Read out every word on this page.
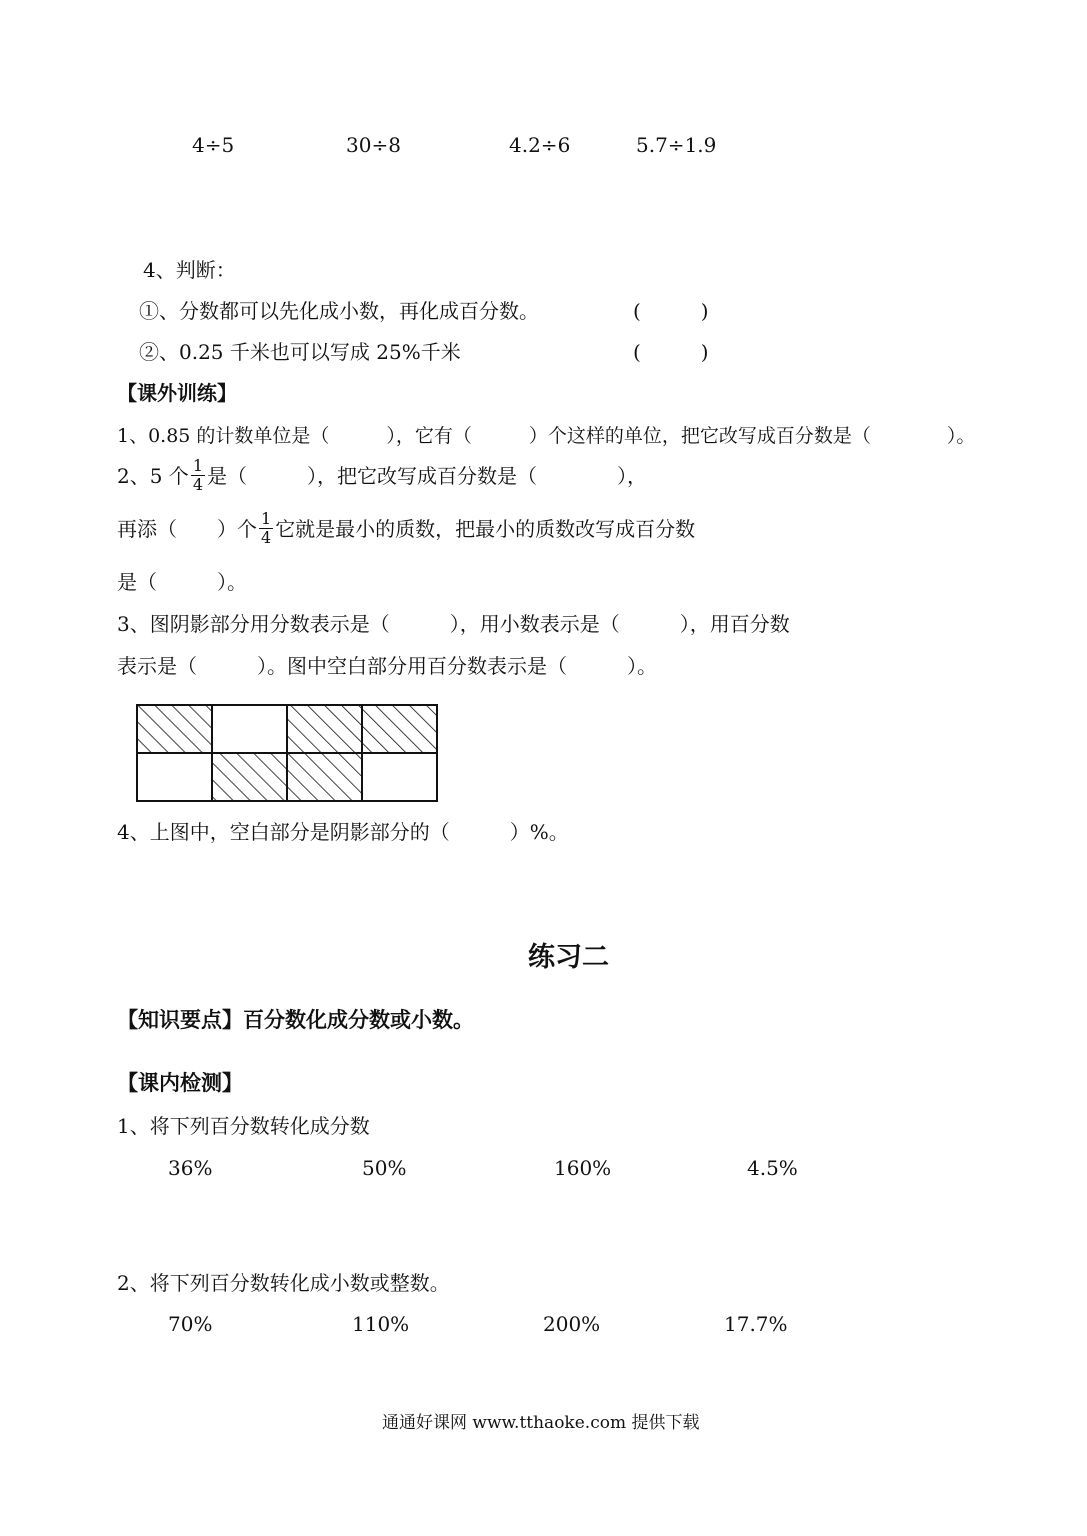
4÷5	30÷8	4.2÷6	5.7÷1.9
4、判断：
①、分数都可以先化成小数，再化成百分数。	(　　　)
②、0.25 千米也可以写成 25%千米	(　　　)
【课外训练】
1、0.85 的计数单位是（　　　），它有（　　　）个这样的单位，把它改写成百分数是（　　　　）。
2、5 个 $\frac{1}{4}$ 是（　　　），把它改写成百分数是（　　　　），
再添（　　）个 $\frac{1}{4}$ 它就是最小的质数，把最小的质数改写成百分数
是（　　　）。
3、图阴影部分用分数表示是（　　　），用小数表示是（　　　），用百分数
表示是（　　　）。图中空白部分用百分数表示是（　　　）。
4、上图中，空白部分是阴影部分的（　　　）%。
练习二
【知识要点】百分数化成分数或小数。
【课内检测】
1、将下列百分数转化成分数
36%	50%	160%	4.5%
2、将下列百分数转化成小数或整数。
70%	110%	200%	17.7%
通通好课网 www.tthaoke.com 提供下载
